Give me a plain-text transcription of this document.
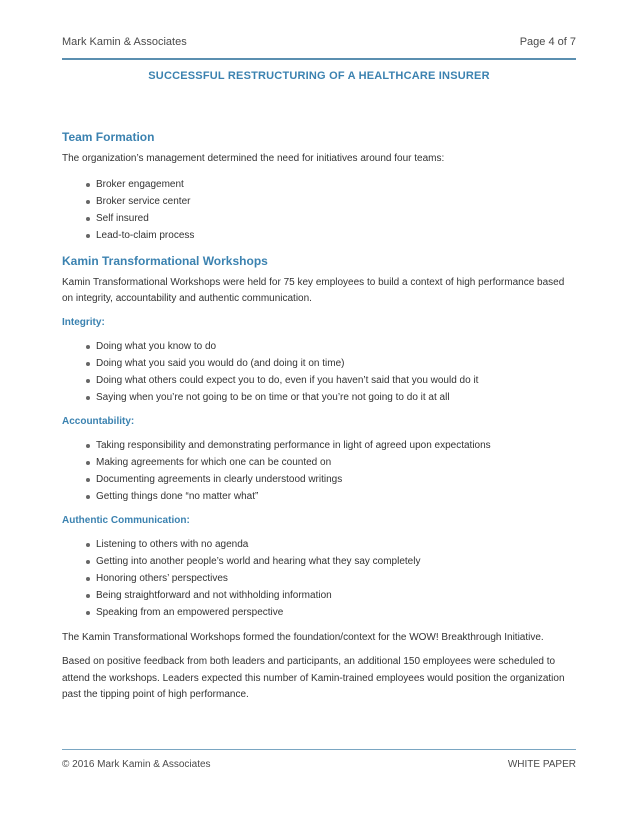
Mark Kamin & Associates	Page 4 of 7
SUCCESSFUL RESTRUCTURING OF A HEALTHCARE INSURER
Team Formation

The organization’s management determined the need for initiatives around four teams:

Broker engagement
Broker service center
Self insured
Lead-to-claim process
Kamin Transformational Workshops

Kamin Transformational Workshops were held for 75 key employees to build a context of high performance based on integrity, accountability and authentic communication.

Integrity:
Doing what you know to do
Doing what you said you would do (and doing it on time)
Doing what others could expect you to do, even if you haven’t said that you would do it
Saying when you’re not going to be on time or that you’re not going to do it at all
Accountability:
Taking responsibility and demonstrating performance in light of agreed upon expectations
Making agreements for which one can be counted on
Documenting agreements in clearly understood writings
Getting things done “no matter what”
Authentic Communication:
Listening to others with no agenda
Getting into another people’s world and hearing what they say completely
Honoring others’ perspectives
Being straightforward and not withholding information
Speaking from an empowered perspective

The Kamin Transformational Workshops formed the foundation/context for the WOW! Breakthrough Initiative.

Based on positive feedback from both leaders and participants, an additional 150 employees were scheduled to attend the workshops. Leaders expected this number of Kamin-trained employees would position the organization past the tipping point of high performance.

© 2016 Mark Kamin & Associates	WHITE PAPER
